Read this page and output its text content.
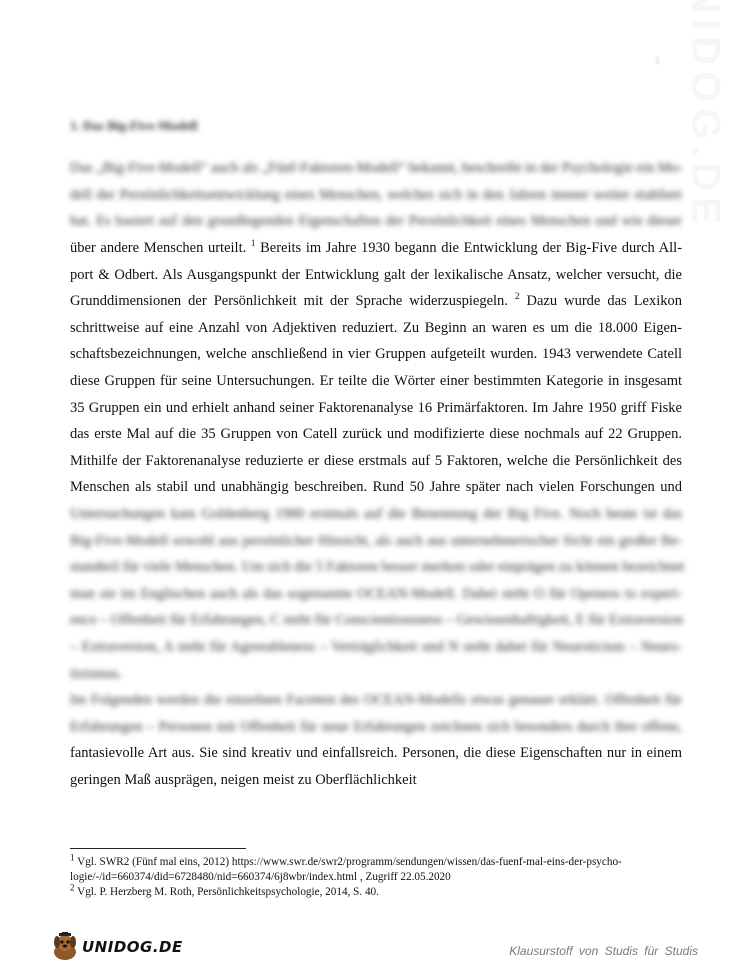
1
1. Das Big-Five-Modell
Das „Big-Five-Modell“ auch als „Fünf-Faktoren-Modell“ bekannt, beschreibt in der Psychologie ein Mo-
dell der Persönlichkeitsentwicklung eines Menschen, welches sich in den Jahren immer weiter etabliert
hat. Es basiert auf den grundlegenden Eigenschaften der Persönlichkeit eines Menschen und wie dieser
über andere Menschen urteilt. $^1$ Bereits im Jahre 1930 begann die Entwicklung der Big-Five durch All-
port & Odbert. Als Ausgangspunkt der Entwicklung galt der lexikalische Ansatz, welcher versucht, die
Grunddimensionen der Persönlichkeit mit der Sprache widerzuspiegeln. $^2$ Dazu wurde das Lexikon
schrittweise auf eine Anzahl von Adjektiven reduziert. Zu Beginn an waren es um die 18.000 Eigen-
schaftsbezeichnungen, welche anschließend in vier Gruppen aufgeteilt wurden. 1943 verwendete Catell
diese Gruppen für seine Untersuchungen. Er teilte die Wörter einer bestimmten Kategorie in insgesamt
35 Gruppen ein und erhielt anhand seiner Faktorenanalyse 16 Primärfaktoren. Im Jahre 1950 griff Fiske
das erste Mal auf die 35 Gruppen von Catell zurück und modifizierte diese nochmals auf 22 Gruppen.
Mithilfe der Faktorenanalyse reduzierte er diese erstmals auf 5 Faktoren, welche die Persönlichkeit des
Menschen als stabil und unabhängig beschreiben. Rund 50 Jahre später nach vielen Forschungen und
Untersuchungen kam Goldenberg 1980 erstmals auf die Benennung der Big Five. Noch heute ist das
Big-Five-Modell sowohl aus persönlicher Hinsicht, als auch aus unternehmerischer Sicht ein großer Be-
standteil für viele Menschen. Um sich die 5 Faktoren besser merken oder einprägen zu können bezeichnet
man sie im Englischen auch als das sogenannte OCEAN-Modell. Dabei steht O für Openess to experi-
ence – Offenheit für Erfahrungen, C steht für Conscientiousness – Gewissenhaftigkeit, E für Extraversion
– Extraversion, A steht für Agreeableness – Verträglichkeit und N steht dabei für Neuroticism – Neuro-
tizismus.
Im Folgenden werden die einzelnen Facetten des OCEAN-Modells etwas genauer erklärt. Offenheit für
Erfahrungen – Personen mit Offenheit für neue Erfahrungen zeichnen sich besonders durch ihre offene,
fantasievolle Art aus. Sie sind kreativ und einfallsreich. Personen, die diese Eigenschaften nur in einem
geringen Maß ausprägen, neigen meist zu Oberflächlichkeit
$^1$ Vgl. SWR2 (Fünf mal eins, 2012) https://www.swr.de/swr2/programm/sendungen/wissen/das-fuenf-mal-eins-der-psycho-
logie/-/id=660374/did=6728480/nid=660374/6j8wbr/index.html , Zugriff 22.05.2020
$^2$ Vgl. P. Herzberg M. Roth, Persönlichkeitspsychologie, 2014, S. 40.
UNIDOG.DE	Klausurstoff von Studis für Studis
